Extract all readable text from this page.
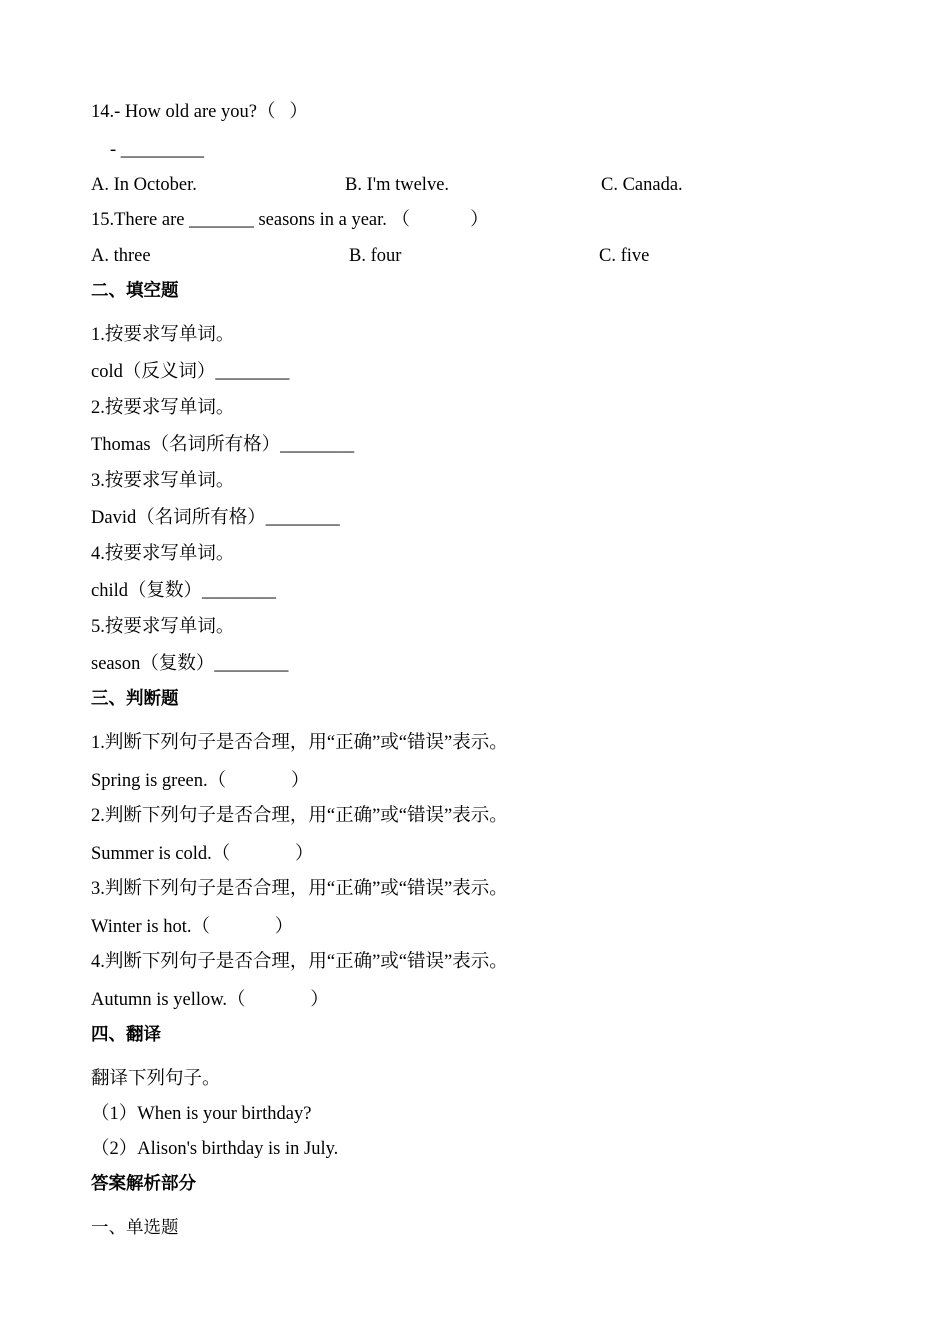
14.- How old are you?（   ）
- _________
A. In October.	B. I'm twelve.	C. Canada.
15.There are _______ seasons in a year. （             ）
A. three	B. four	C. five
二、填空题
1.按要求写单词。
cold（反义词）________
2.按要求写单词。
Thomas（名词所有格）________
3.按要求写单词。
David（名词所有格）________
4.按要求写单词。
child（复数）________
5.按要求写单词。
season（复数）________
三、判断题
1.判断下列句子是否合理，用“正确”或“错误”表示。
Spring is green.（              ）
2.判断下列句子是否合理，用“正确”或“错误”表示。
Summer is cold.（              ）
3.判断下列句子是否合理，用“正确”或“错误”表示。
Winter is hot.（              ）
4.判断下列句子是否合理，用“正确”或“错误”表示。
Autumn is yellow.（              ）
四、翻译
翻译下列句子。
（1）When is your birthday?
（2）Alison's birthday is in July.
答案解析部分
一、单选题
